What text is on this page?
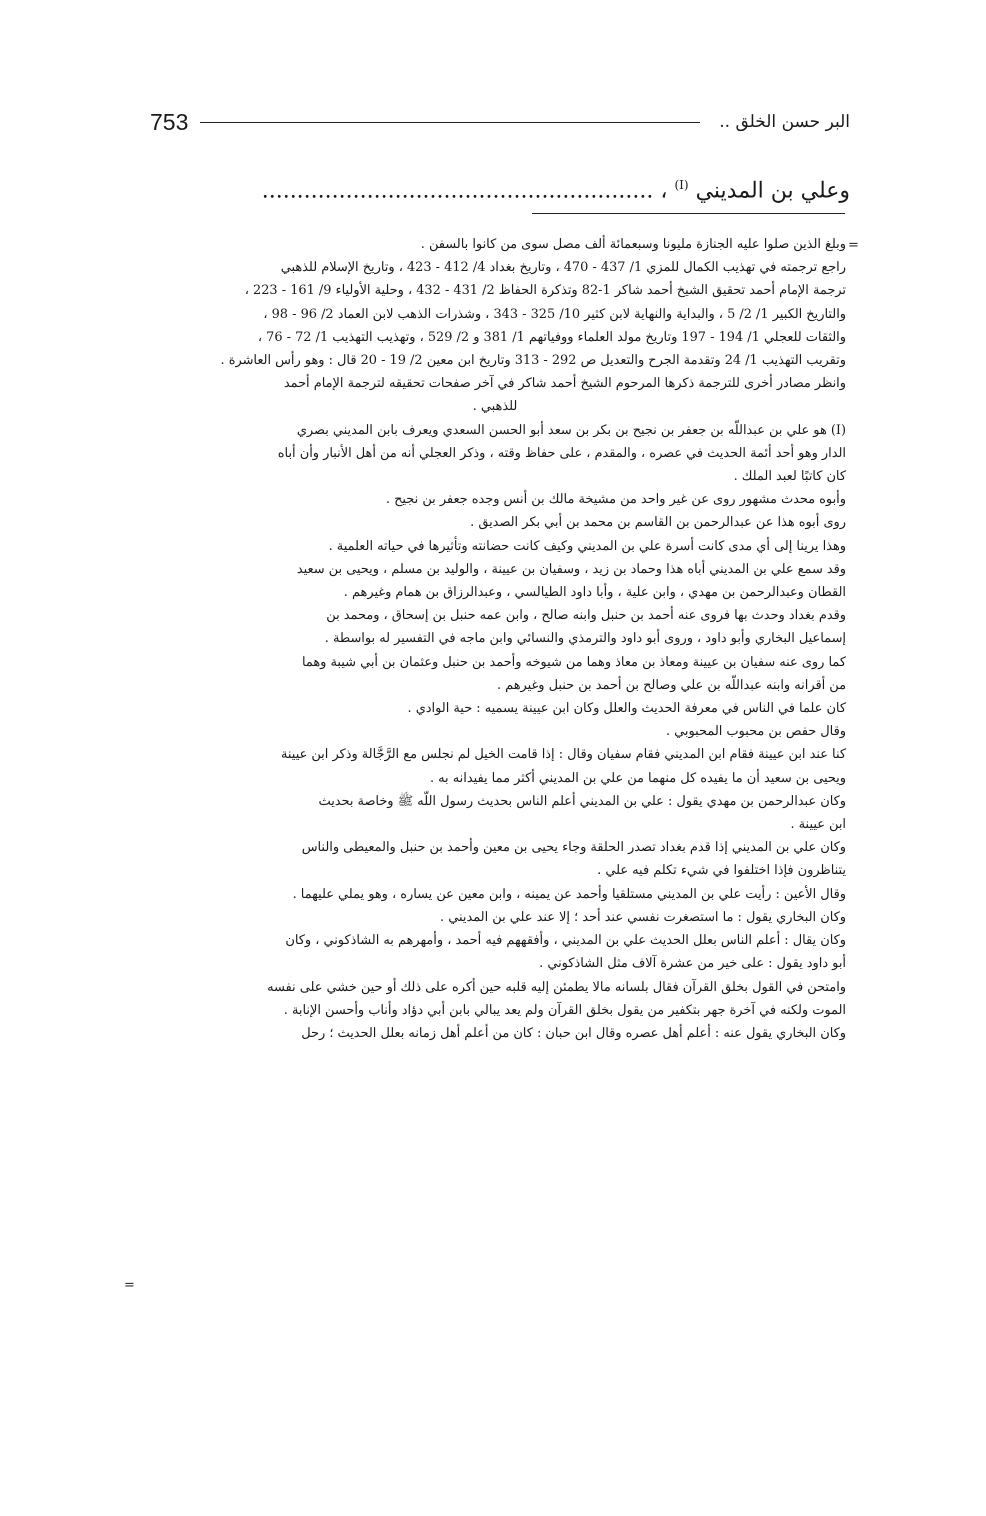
753	البر حسن الخلق ..
وعلي بن المديني $^{(I)}$ ، ........................................................
=

وبلغ الذين صلوا عليه الجنازة مليونا وسبعمائة ألف مصل سوى من كانوا بالسفن .

راجع ترجمته في تهذيب الكمال للمزي 1/ 437 - 470 ، وتاريخ بغداد 4/ 412 - 423 ، وتاريخ الإسلام للذهبي

ترجمة الإمام أحمد تحقيق الشيخ أحمد شاكر 1-82 وتذكرة الحفاظ 2/ 431 - 432 ، وحلية الأولياء 9/ 161 - 223 ،

والتاريخ الكبير 1/ 2/ 5 ، والبداية والنهاية لابن كثير 10/ 325 - 343 ، وشذرات الذهب لابن العماد 2/ 96 - 98 ،

والثقات للعجلي 1/ 194 - 197 وتاريخ مولد العلماء ووفياتهم 1/ 381 و 2/ 529 ، وتهذيب التهذيب 1/ 72 - 76 ،

وتقريب التهذيب 1/ 24 وتقدمة الجرح والتعديل ص 292 - 313 وتاريخ ابن معين 2/ 19 - 20 قال : وهو رأس العاشرة .

وانظر مصادر أخرى للترجمة ذكرها المرحوم الشيخ أحمد شاكر في آخر صفحات تحقيقه لترجمة الإمام أحمد

للذهبي .

(I) هو علي بن عبداللّه بن جعفر بن نجيح بن بكر بن سعد أبو الحسن السعدي ويعرف بابن المديني بصري

الدار وهو أحد أئمة الحديث في عصره ، والمقدم ، على حفاظ وقته ، وذكر العجلي أنه من أهل الأنبار وأن أباه

كان كاتبًا لعبد الملك .

وأبوه محدث مشهور روى عن غير واحد من مشيخة مالك بن أنس وجده جعفر بن نجيح .

روى أبوه هذا عن عبدالرحمن بن القاسم بن محمد بن أبي بكر الصديق .

وهذا يرينا إلى أي مدى كانت أسرة علي بن المديني وكيف كانت حضانته وتأثيرها في حياته العلمية .

وقد سمع علي بن المديني أباه هذا وحماد بن زيد ، وسفيان بن عيينة ، والوليد بن مسلم ، ويحيى بن سعيد

القطان وعبدالرحمن بن مهدي ، وابن علية ، وأبا داود الطيالسي ، وعبدالرزاق بن همام وغيرهم .

وقدم بغداد وحدث بها فروى عنه أحمد بن حنبل وابنه صالح ، وابن عمه حنبل بن إسحاق ، ومحمد بن

إسماعيل البخاري وأبو داود ، وروى أبو داود والترمذي والنسائي وابن ماجه في التفسير له بواسطة .

كما روى عنه سفيان بن عيينة ومعاذ بن معاذ وهما من شيوخه وأحمد بن حنبل وعثمان بن أبي شيبة وهما

من أقرانه وابنه عبداللّه بن علي وصالح بن أحمد بن حنبل وغيرهم .

كان علما في الناس في معرفة الحديث والعلل وكان ابن عيينة يسميه : حية الوادي .

وقال حفص بن محبوب المحبوبي .

كنا عند ابن عيينة فقام ابن المديني فقام سفيان وقال : إذا قامت الخيل لم نجلس مع الرَّجَّالة وذكر ابن عيينة

ويحيى بن سعيد أن ما يفيده كل منهما من علي بن المديني أكثر مما يفيدانه به .

وكان عبدالرحمن بن مهدي يقول : علي بن المديني أعلم الناس بحديث رسول اللّه ﷺ وخاصة بحديث

ابن عيينة .

وكان علي بن المديني إذا قدم بغداد تصدر الحلقة وجاء يحيى بن معين وأحمد بن حنبل والمعيطى والناس

يتناظرون فإذا اختلفوا في شيء تكلم فيه علي .

وقال الأعين : رأيت علي بن المديني مستلقيا وأحمد عن يمينه ، وابن معين عن يساره ، وهو يملي عليهما .

وكان البخاري يقول : ما استصغرت نفسي عند أحد ؛ إلا عند علي بن المديني .

وكان يقال : أعلم الناس بعلل الحديث علي بن المديني ، وأفقههم فيه أحمد ، وأمهرهم به الشاذكوني ، وكان

أبو داود يقول : على خير من عشرة آلاف مثل الشاذكوني .

وامتحن في القول بخلق القرآن فقال بلسانه مالا يطمئن إليه قلبه حين أكره على ذلك أو حين خشي على نفسه

الموت ولكنه في آخرة جهر بتكفير من يقول بخلق القرآن ولم يعد يبالي بابن أبي دؤاد وأناب وأحسن الإنابة .

وكان البخاري يقول عنه : أعلم أهل عصره وقال ابن حبان : كان من أعلم أهل زمانه بعلل الحديث ؛ رحل

=
